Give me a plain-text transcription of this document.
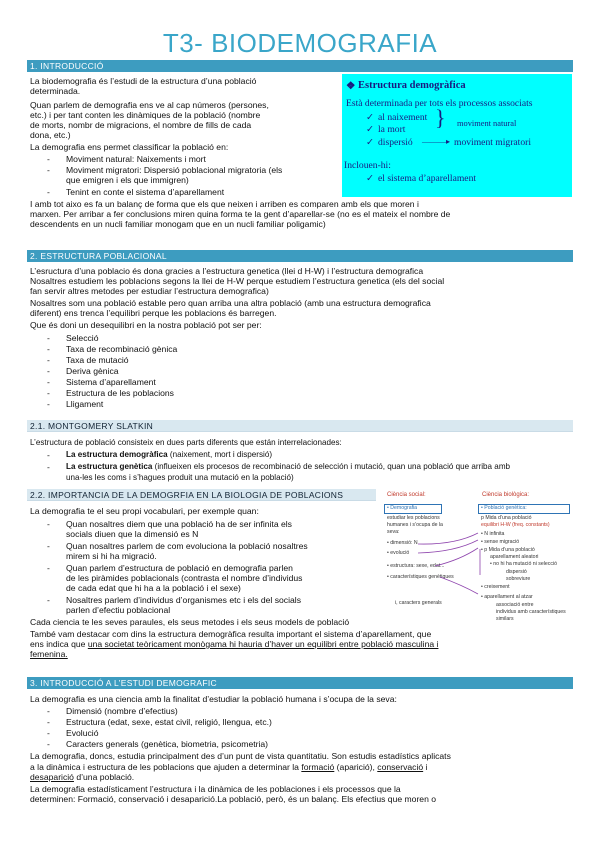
T3- BIODEMOGRAFIA
1. INTRODUCCIÓ
La biodemografia és l’estudi de la estructura d’una població
determinada.
Quan parlem de demografia ens ve al cap números (persones,
etc.) i per tant conten les dinàmiques de la població (nombre
de morts, nombr de migracions, el nombre de fills de cada
dona, etc.)
La demografia ens permet classificar la població en:
- Moviment natural: Naixements i mort
- Moviment migratori: Dispersió poblacional migratoria (els
que emigren i els que immigren)
- Tenint en conte el sistema d’aparellament
I amb tot aixo es fa un balanç de forma que els que neixen i arriben es comparen amb els que moren i
marxen. Per arribar a fer conclusions miren quina forma te la gent d’aparellar-se (no es el mateix el nombre de
descendents en un nucli familiar monogam que en un nucli familiar poligamic)
❖ Estructura demogràfica
Està determinada per tots els processos associats
✓ al naixement
✓ la mort } moviment natural
✓ dispersió ———▸ moviment migratori
Inclouen-hi:
✓ el sistema d’aparellament
2. ESTRUCTURA POBLACIONAL
L’esructura d’una poblacio és dona gracies a l’estructura genetica (llei d H-W) i l’estructura demografica
Nosaltres estudiem les poblacions segons la llei de H-W perque estudiem l’estructura genetica (els del social
fan servir altres metodes per estudiar l’estructura demografica)
Nosaltres som una població estable pero quan arriba una altra població (amb una estructura demografica
diferent) ens trenca l’equilibri perque les poblacions és barregen.
Que és doni un desequilibri en la nostra població pot ser per:
- Selecció
- Taxa de recombinació gènica
- Taxa de mutació
- Deriva gènica
- Sistema d’aparellament
- Estructura de les poblacions
- Lligament
2.1. MONTGOMERY SLATKIN
L’estructura de població consisteix en dues parts diferents que están interrelacionades:
- La estructura demogràfica (naixement, mort i dispersió)
- La estructura genètica (influeixen els procesos de recombinació de selección i mutació, quan una població que arriba amb
una-les les coms i s’hagues produit una mutació en la població)
2.2. IMPORTANCIA DE LA DEMOGRFIA EN LA BIOLOGIA DE POBLACIONS
La demografia te el seu propi vocabulari, per exemple quan:
- Quan nosaltres diem que una població ha de ser infinita els
socials diuen que la dimensió es N
- Quan nosaltres parlem de com evoluciona la població nosaltres
mirem si hi ha migració.
- Quan parlem d’estructura de població en demografia parlen
de les piràmides poblacionals (contrasta el nombre d’individus
de cada edat que hi ha a la població i el sexe)
- Nosaltres parlem d’individus d’organismes etc i els del socials
parlen d’efectiu poblacional
Cada ciencia te les seves paraules, els seus metodes i els seus models de població
També vam destacar com dins la estructura demogràfica resulta important el sistema d’aparellament, que
ens indica que una societat teòricament monògama hi hauria d’haver un equilibri entre població masculina i
femenina.
Ciència social:	Ciència biològica:
• Demografia
estudiar les poblacions
humanes i s’ocupa de la
seva:
• dimensió: N
• evolució
• estructura: sexe, edat...
• característiques genètiques
i, caracters generals
• Població genètica:
p Mida d’una població
equilibri H-W (freq. constants)
• N infinita
• sense migració
• p Mida d’una població
aparellament aleatori
• no hi ha mutació ni selecció
dispersió
sobreviure
• creixement
• aparellament al atzar
associació entre
individus amb característiques
similars
3. INTRODUCCIÓ A L’ESTUDI DEMOGRAFIC
La demografia es una ciencia amb la finalitat d’estudiar la població humana i s’ocupa de la seva:
- Dimensió (nombre d’efectius)
- Estructura (edat, sexe, estat civil, religió, llengua, etc.)
- Evolució
- Caracters generals (genètica, biometria, psicometria)
La demografia, doncs, estudia principalment des d’un punt de vista quantitatiu. Son estudis estadístics aplicats
a la dinàmica i estructura de les poblacions que ajuden a determinar la formació (aparició), conservació i
desaparició d’una població.
La demografia estadísticament l’estructura i la dinàmica de les poblaciones i els processos que la
determinen: Formació, conservació i desaparició.La població, però, és un balanç. Els efectius que moren o
